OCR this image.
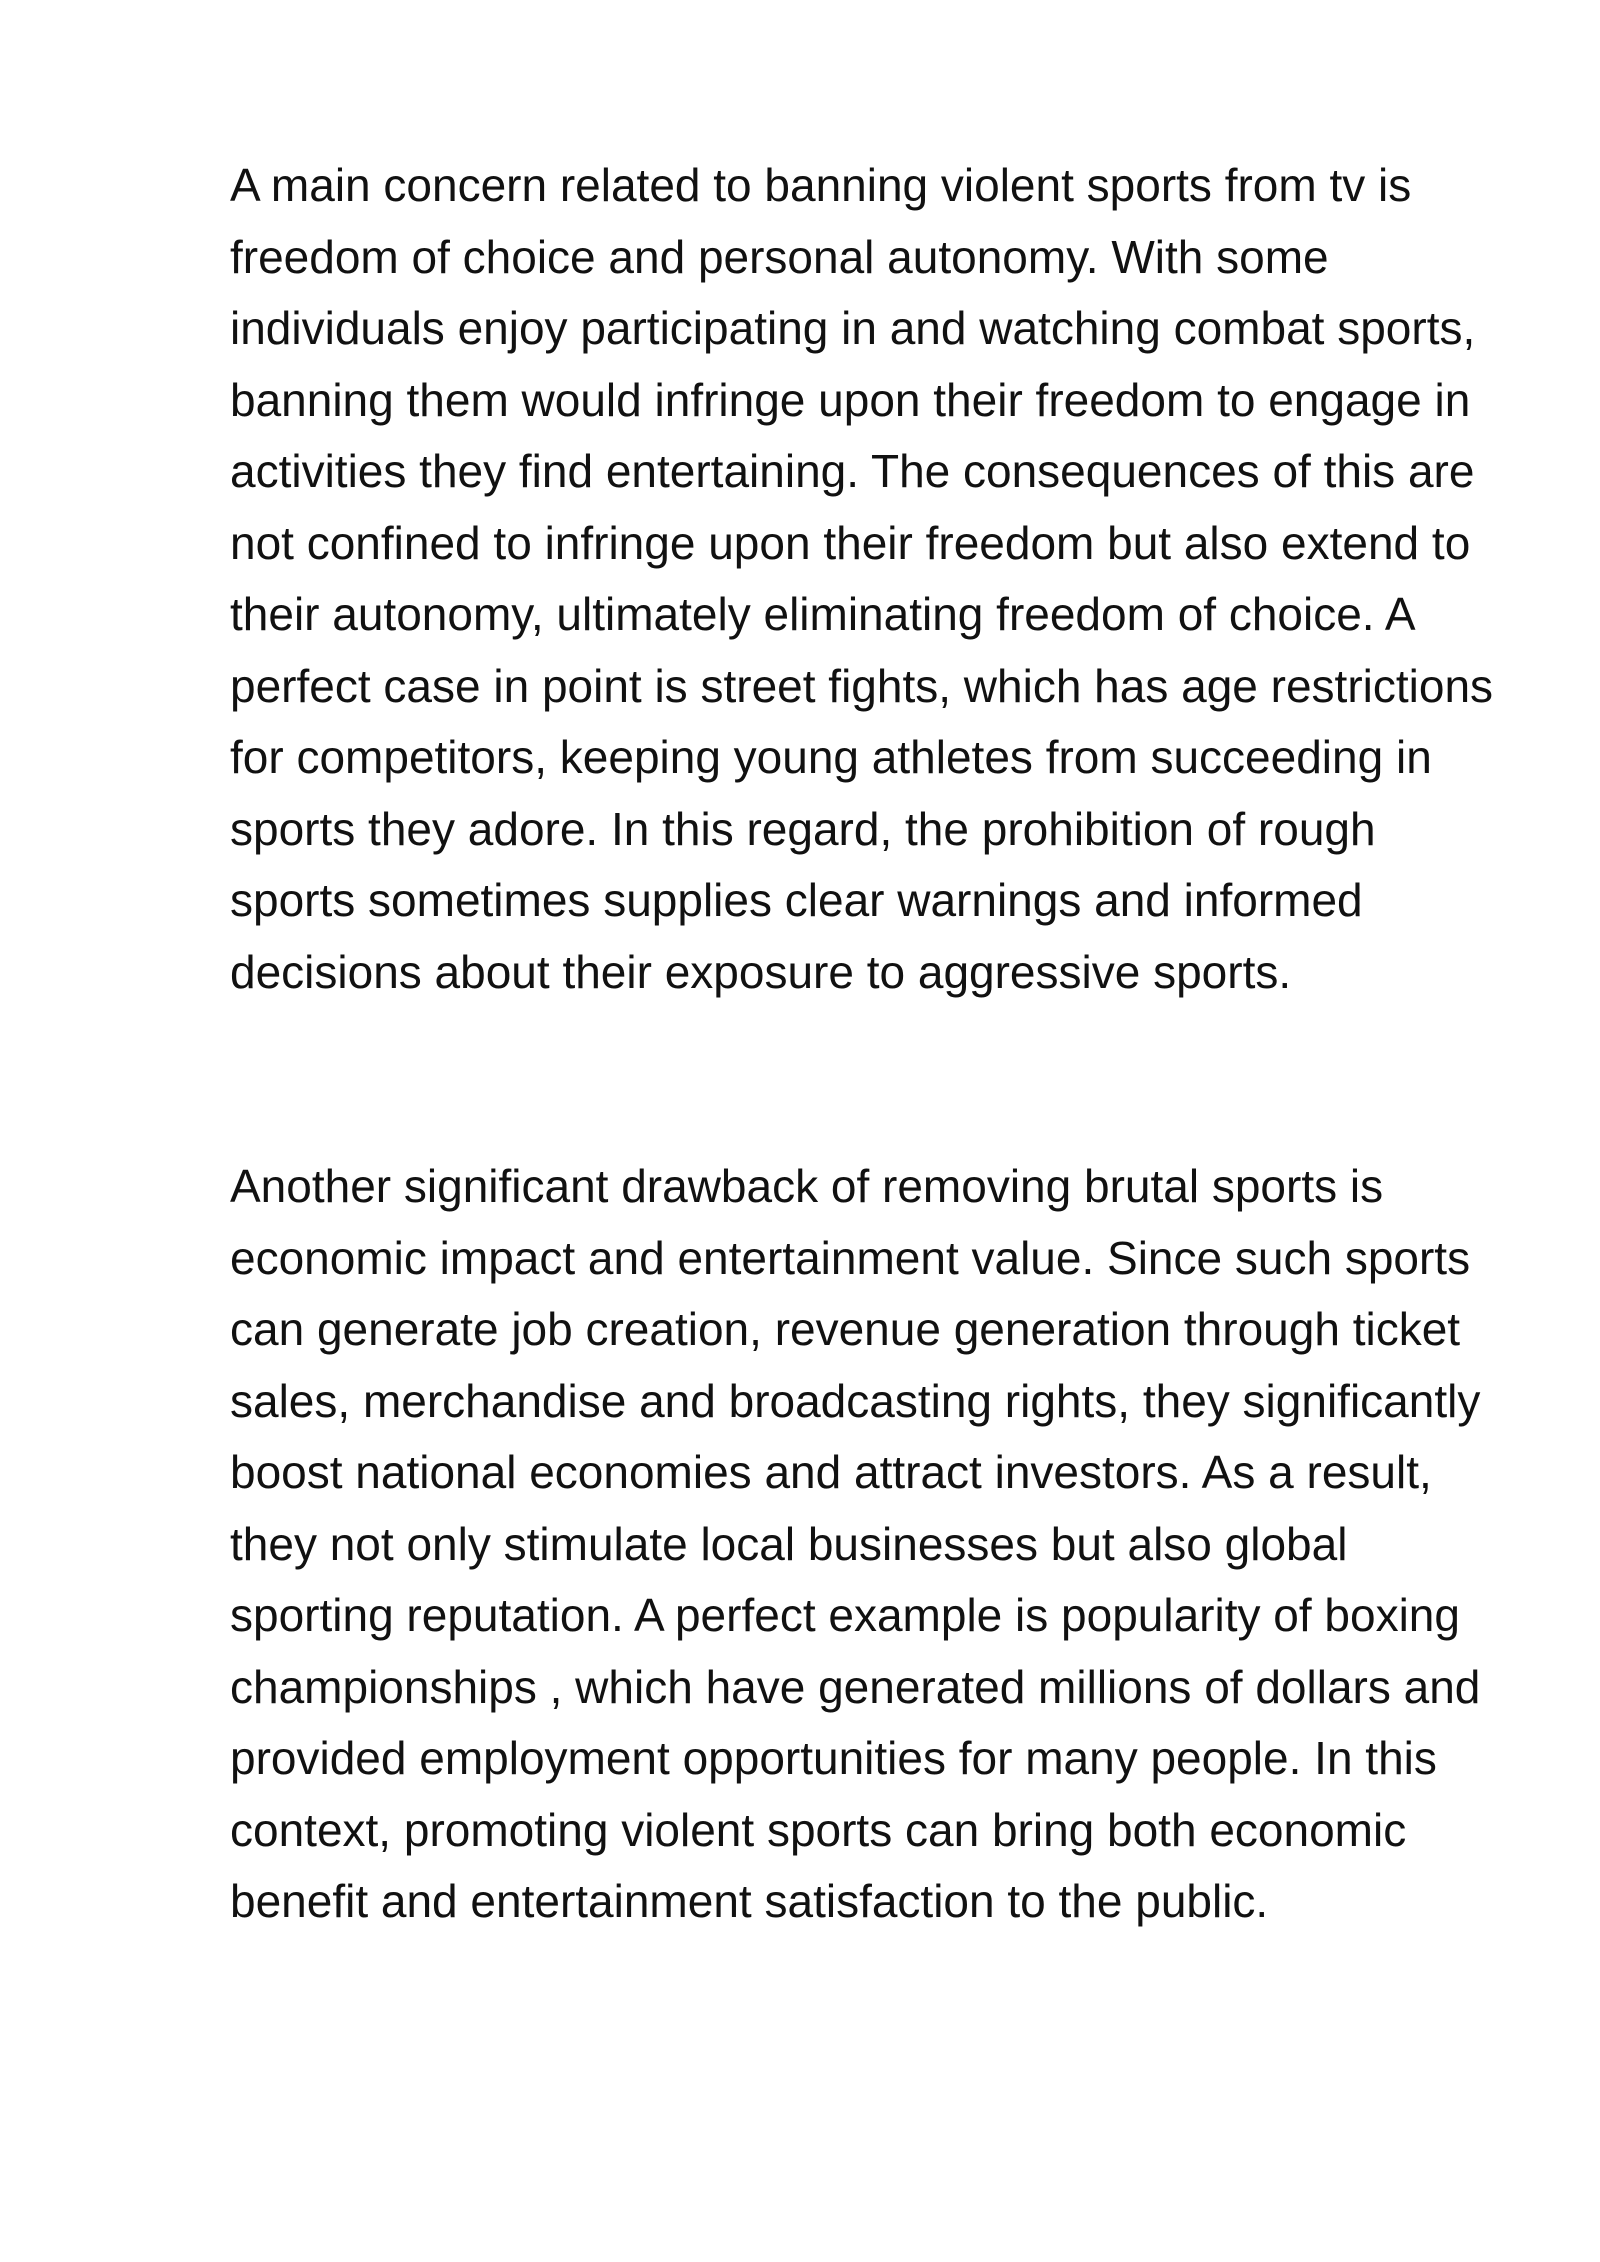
A main concern related to banning violent sports from tv is freedom of choice and personal autonomy. With some individuals enjoy participating in and watching combat sports, banning them would infringe upon their freedom to engage in activities they find entertaining. The consequences of this are not confined to infringe upon their freedom but also extend to their autonomy, ultimately eliminating freedom of choice. A perfect case in point is street fights, which has age restrictions for competitors, keeping young athletes from succeeding in sports they adore. In this regard, the prohibition of rough sports sometimes supplies clear warnings and informed decisions about their exposure to aggressive sports.

Another significant drawback of removing brutal sports is economic impact and entertainment value. Since such sports can generate job creation, revenue generation through ticket sales, merchandise and broadcasting rights, they significantly boost national economies and attract investors. As a result, they not only stimulate local businesses but also global sporting reputation. A perfect example is popularity of boxing championships , which have generated millions of dollars and provided employment opportunities for many people. In this context, promoting violent sports can bring both economic benefit and entertainment satisfaction to the public.
